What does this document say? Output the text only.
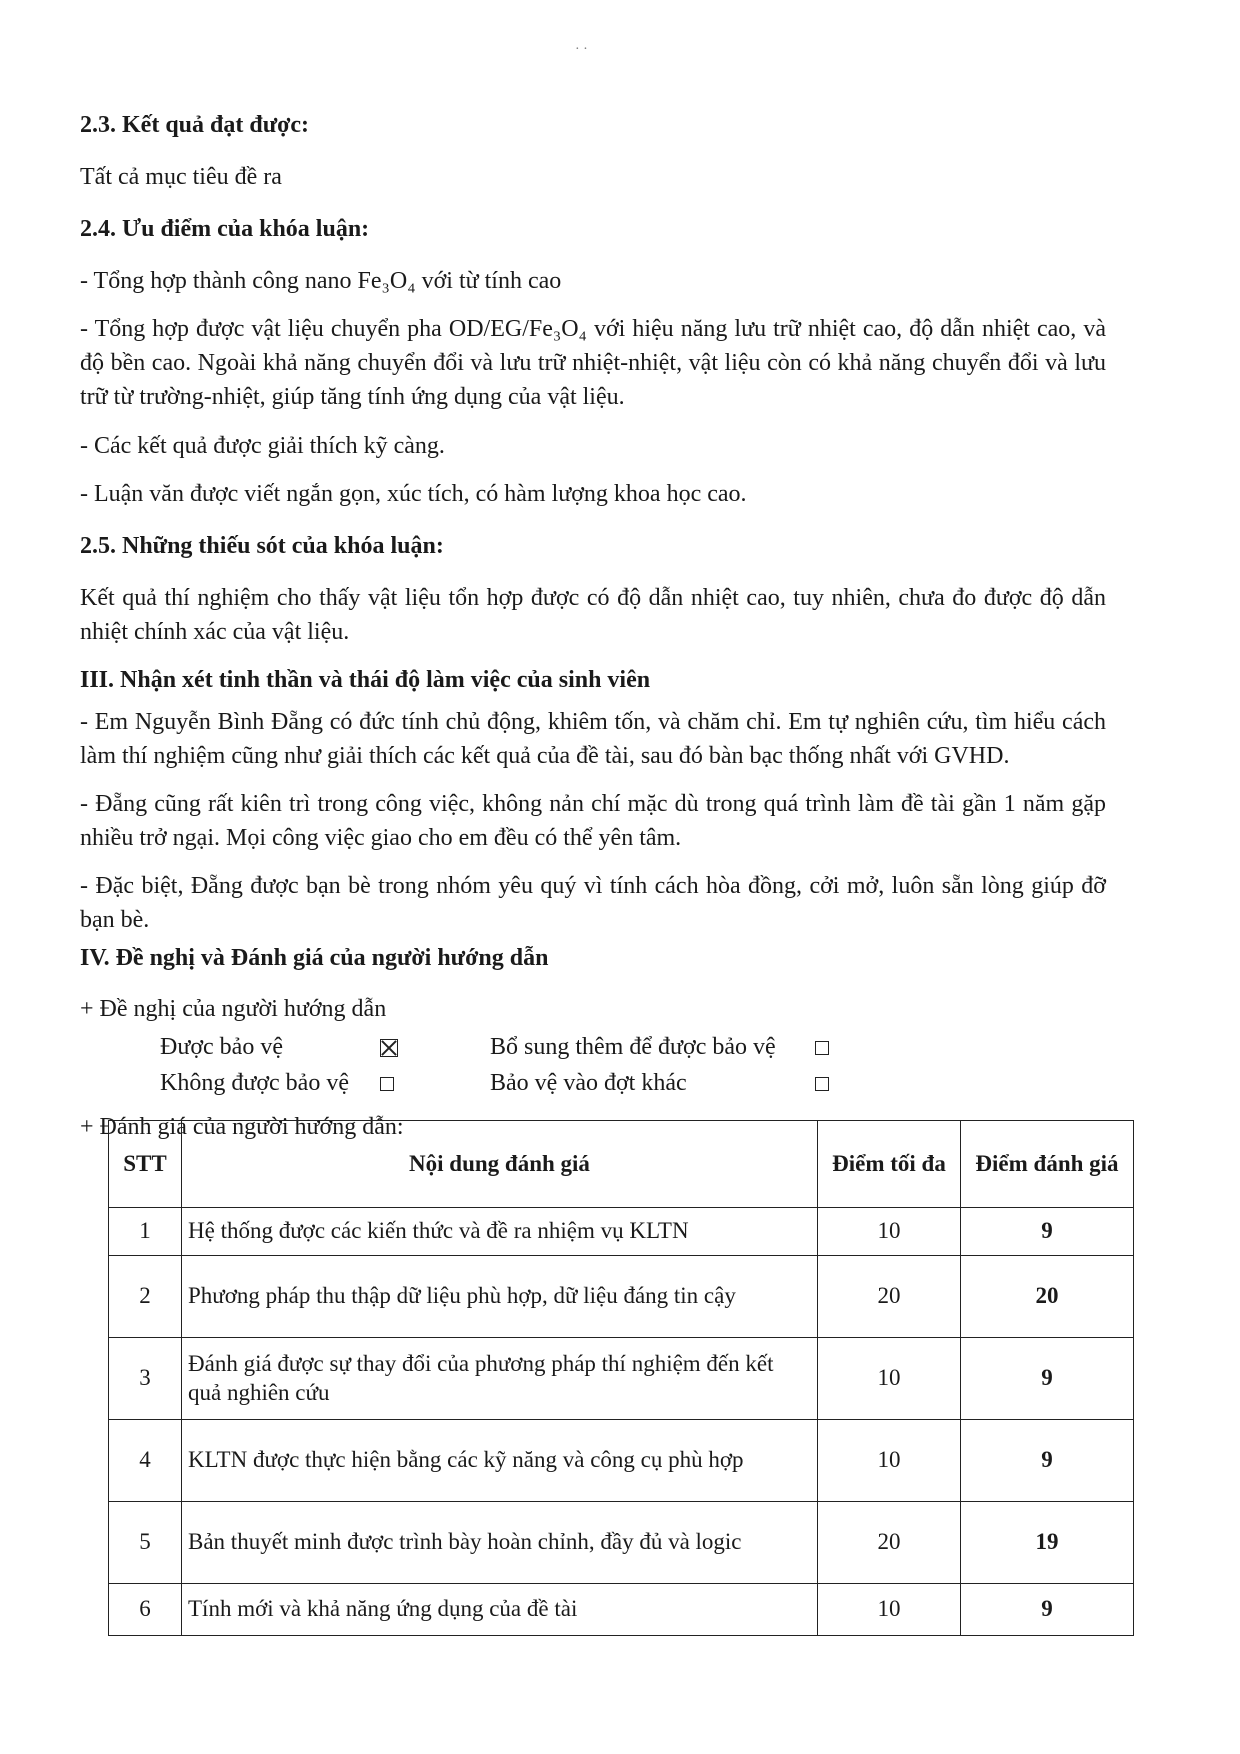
· ·
2.3. Kết quả đạt được:
Tất cả mục tiêu đề ra
2.4. Ưu điểm của khóa luận:
- Tổng hợp thành công nano Fe₃O₄ với từ tính cao
- Tổng hợp được vật liệu chuyển pha OD/EG/Fe₃O₄ với hiệu năng lưu trữ nhiệt cao, độ dẫn nhiệt cao, và độ bền cao. Ngoài khả năng chuyển đổi và lưu trữ nhiệt-nhiệt, vật liệu còn có khả năng chuyển đổi và lưu trữ từ trường-nhiệt, giúp tăng tính ứng dụng của vật liệu.
- Các kết quả được giải thích kỹ càng.
- Luận văn được viết ngắn gọn, xúc tích, có hàm lượng khoa học cao.
2.5. Những thiếu sót của khóa luận:
Kết quả thí nghiệm cho thấy vật liệu tổn hợp được có độ dẫn nhiệt cao, tuy nhiên, chưa đo được độ dẫn nhiệt chính xác của vật liệu.
III. Nhận xét tinh thần và thái độ làm việc của sinh viên
- Em Nguyễn Bình Đẵng có đức tính chủ động, khiêm tốn, và chăm chỉ. Em tự nghiên cứu, tìm hiểu cách làm thí nghiệm cũng như giải thích các kết quả của đề tài, sau đó bàn bạc thống nhất với GVHD.
- Đẵng cũng rất kiên trì trong công việc, không nản chí mặc dù trong quá trình làm đề tài gần 1 năm gặp nhiều trở ngại. Mọi công việc giao cho em đều có thể yên tâm.
- Đặc biệt, Đẵng được bạn bè trong nhóm yêu quý vì tính cách hòa đồng, cởi mở, luôn sẵn lòng giúp đỡ bạn bè.
IV. Đề nghị và Đánh giá của người hướng dẫn
+ Đề nghị của người hướng dẫn
Được bảo vệ	Bổ sung thêm để được bảo vệ
Không được bảo vệ	Bảo vệ vào đợt khác
+ Đánh giá của người hướng dẫn:
STT	Nội dung đánh giá	Điểm tối đa	Điểm đánh giá
1	Hệ thống được các kiến thức và đề ra nhiệm vụ KLTN	10	9
2	Phương pháp thu thập dữ liệu phù hợp, dữ liệu đáng tin cậy	20	20
3	Đánh giá được sự thay đổi của phương pháp thí nghiệm đến kết quả nghiên cứu	10	9
4	KLTN được thực hiện bằng các kỹ năng và công cụ phù hợp	10	9
5	Bản thuyết minh được trình bày hoàn chỉnh, đầy đủ và logic	20	19
6	Tính mới và khả năng ứng dụng của đề tài	10	9
